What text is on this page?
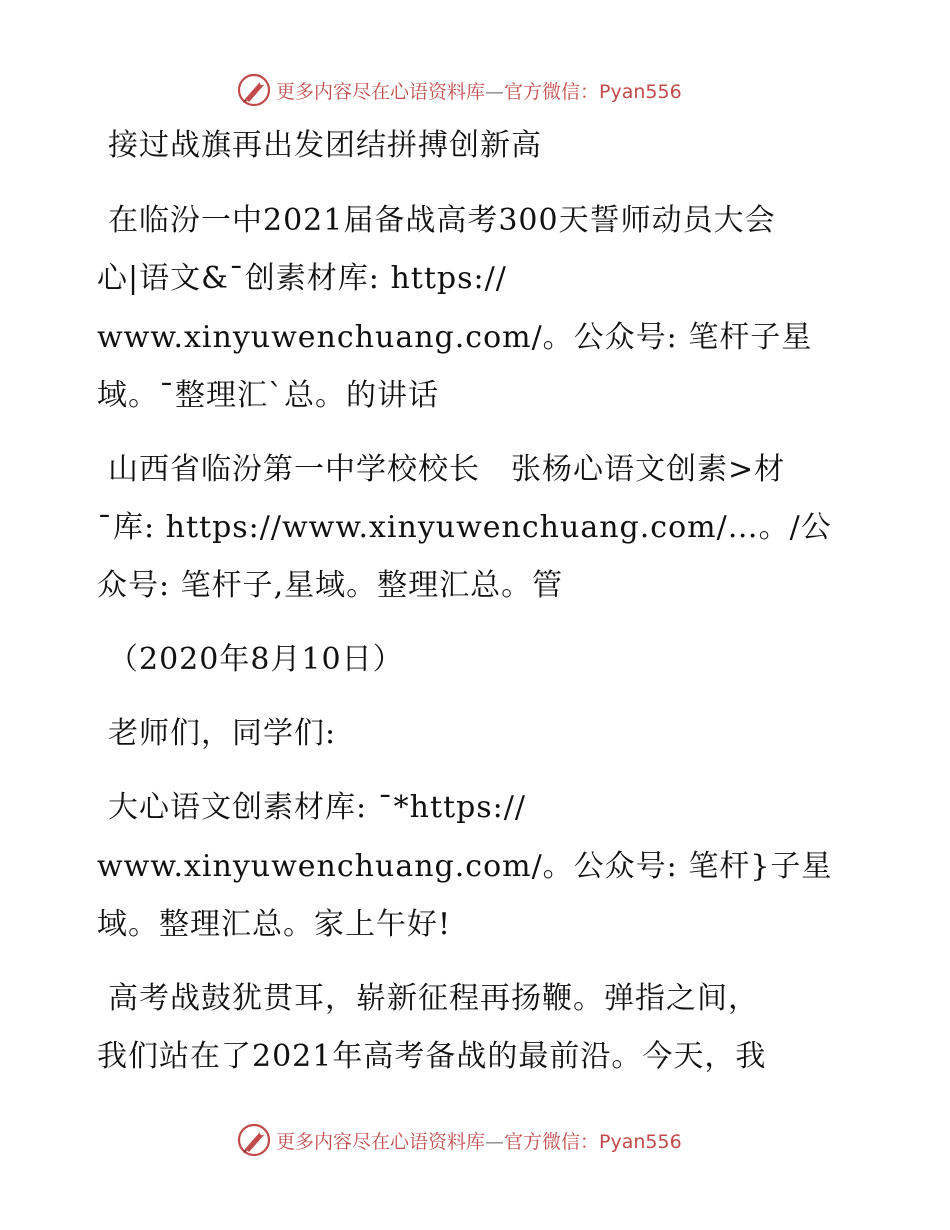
更多内容尽在心语资料库—官方微信：Pyan556
接过战旗再出发团结拼搏创新高
在临汾一中2021届备战高考300天誓师动员大会
心|语文&¯创素材库: https://
www.xinyuwenchuang.com/。公众号: 笔杆子星
域。¯整理汇`总。的讲话
山西省临汾第一中学校校长　张杨心语文创素>材
¯库: https://www.xinyuwenchuang.com/…。/公
众号: 笔杆子,星域。整理汇总。管
（2020年8月10日）
老师们，同学们:
大心语文创素材库: ¯*https://
www.xinyuwenchuang.com/。公众号: 笔杆}子星
域。整理汇总。家上午好!
高考战鼓犹贯耳，崭新征程再扬鞭。弹指之间，
我们站在了2021年高考备战的最前沿。今天，我
更多内容尽在心语资料库—官方微信：Pyan556
